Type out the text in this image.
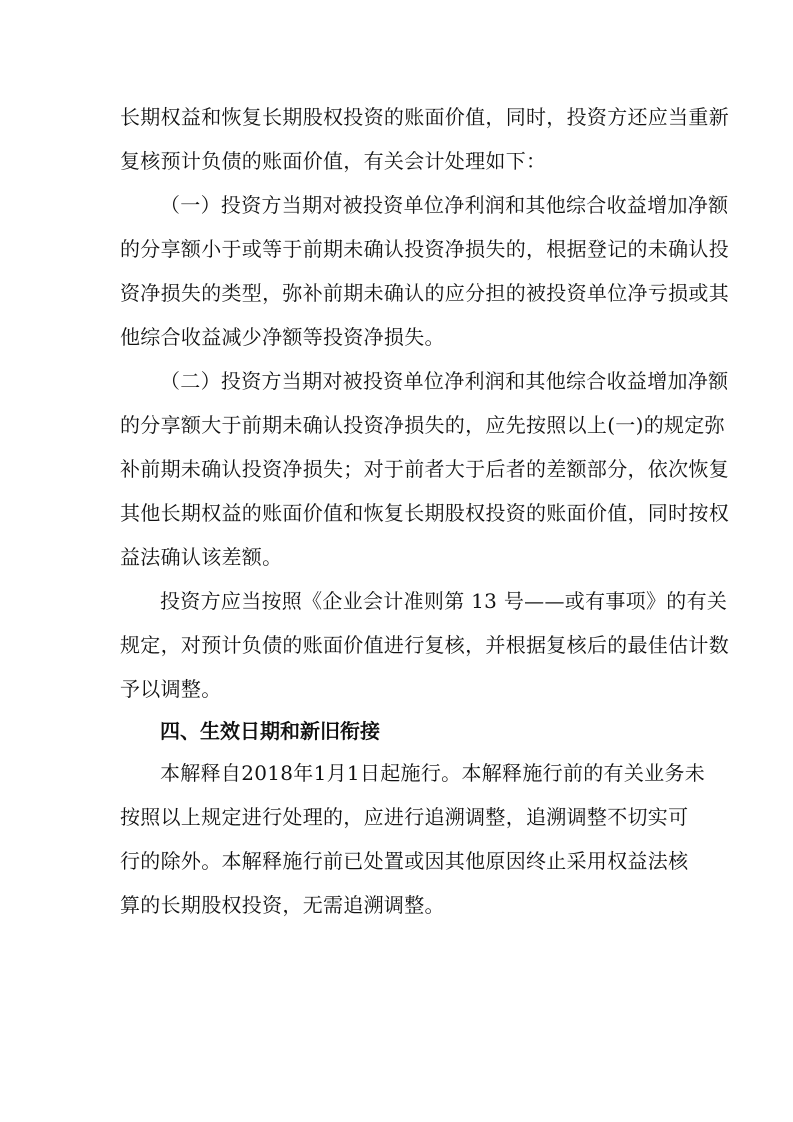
长期权益和恢复长期股权投资的账面价值，同时，投资方还应当重新
复核预计负债的账面价值，有关会计处理如下：
（一）投资方当期对被投资单位净利润和其他综合收益增加净额
的分享额小于或等于前期未确认投资净损失的，根据登记的未确认投
资净损失的类型，弥补前期未确认的应分担的被投资单位净亏损或其
他综合收益减少净额等投资净损失。
（二）投资方当期对被投资单位净利润和其他综合收益增加净额
的分享额大于前期未确认投资净损失的，应先按照以上(一)的规定弥
补前期未确认投资净损失；对于前者大于后者的差额部分，依次恢复
其他长期权益的账面价值和恢复长期股权投资的账面价值，同时按权
益法确认该差额。
投资方应当按照《企业会计准则第 13 号——或有事项》的有关
规定，对预计负债的账面价值进行复核，并根据复核后的最佳估计数
予以调整。
四、生效日期和新旧衔接
本解释自2018年1月1日起施行。本解释施行前的有关业务未
按照以上规定进行处理的，应进行追溯调整，追溯调整不切实可
行的除外。本解释施行前已处置或因其他原因终止采用权益法核
算的长期股权投资，无需追溯调整。
